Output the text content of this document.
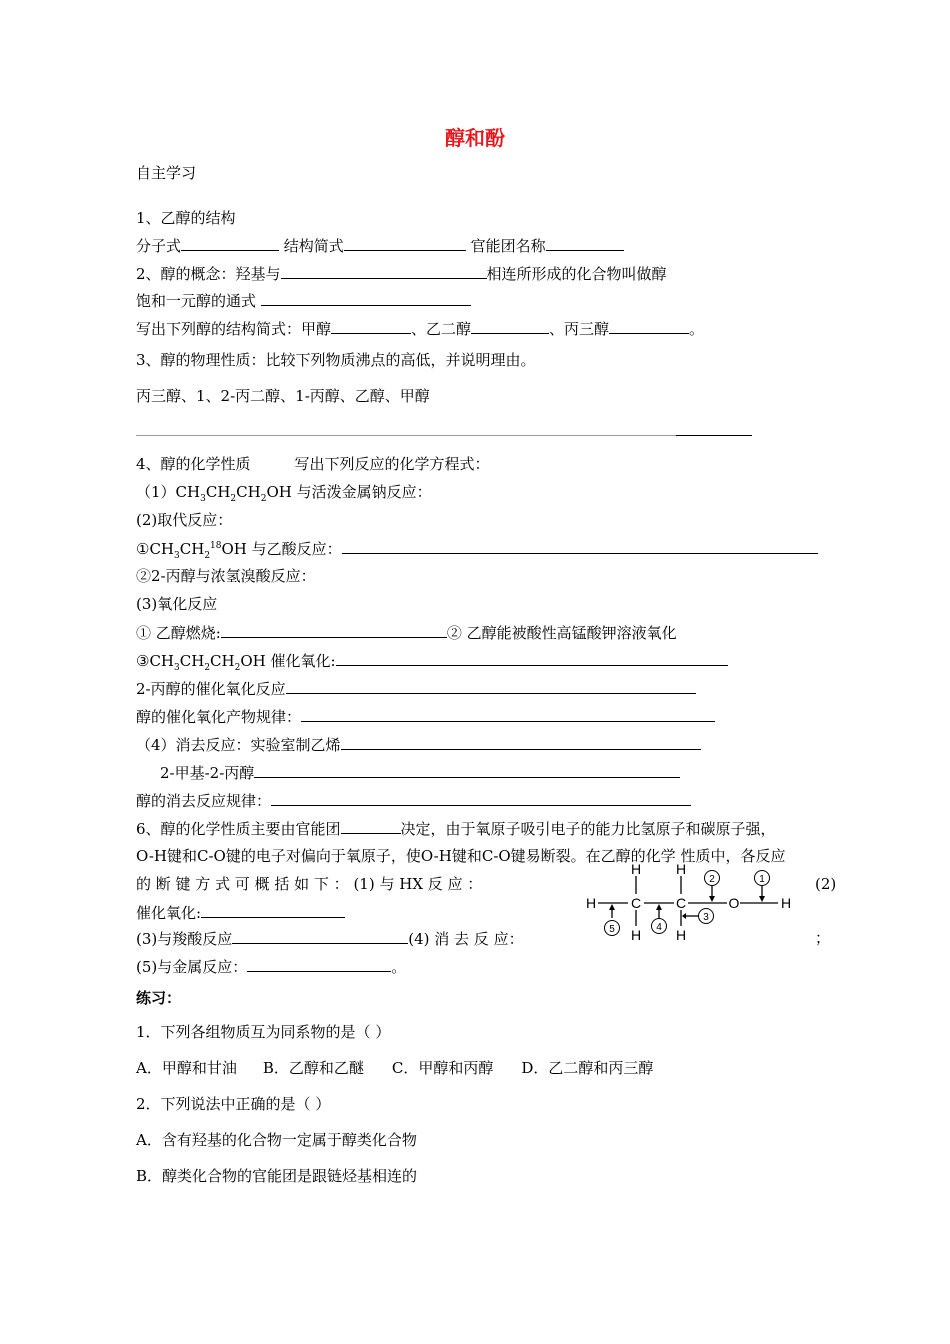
醇和酚
自主学习
1、乙醇的结构
分子式	结构简式	官能团名称
2、醇的概念：羟基与	相连所形成的化合物叫做醇
饱和一元醇的通式
写出下列醇的结构简式：甲醇	、乙二醇	、丙三醇	。
3、醇的物理性质：比较下列物质沸点的高低，并说明理由。
丙三醇、1、2-丙二醇、1-丙醇、乙醇、甲醇
4、醇的化学性质	写出下列反应的化学方程式：
$(1)CH_3CH_2CH_2OH$ 与活泼金属钠反应：
(2)取代反应：
$①CH_3CH_2^{18}OH$ 与乙酸反应：
②2-丙醇与浓氢溴酸反应：
(3)氧化反应
① 乙醇燃烧:	② 乙醇能被酸性高锰酸钾溶液氧化
$③CH_3CH_2CH_2OH$ 催化氧化:
2-丙醇的催化氧化反应
醇的催化氧化产物规律：
（4）消去反应：实验室制乙烯
2-甲基-2-丙醇
醇的消去反应规律：
6、醇的化学性质主要由官能团	决定，由于氧原子吸引电子的能力比氢原子和碳原子强，
O-H键和C-O键的电子对偏向于氧原子，使O-H键和C-O键易断裂。在乙醇的化学 性质中，各反应
的 断 键 方 式 可 概 括 如 下 ： (1) 与 HX 反 应 ：	(2)
催化氧化:
(3)与羧酸反应	(4) 消 去 反 应：	；
(5)与金属反应：	。
H H
H C C	O	H
H H
1
2
3
4
5
练习：
1．下列各组物质互为同系物的是（ ）
A．甲醇和甘油 B．乙醇和乙醚 C．甲醇和丙醇 D．乙二醇和丙三醇
2．下列说法中正确的是（ ）
A．含有羟基的化合物一定属于醇类化合物
B．醇类化合物的官能团是跟链烃基相连的
